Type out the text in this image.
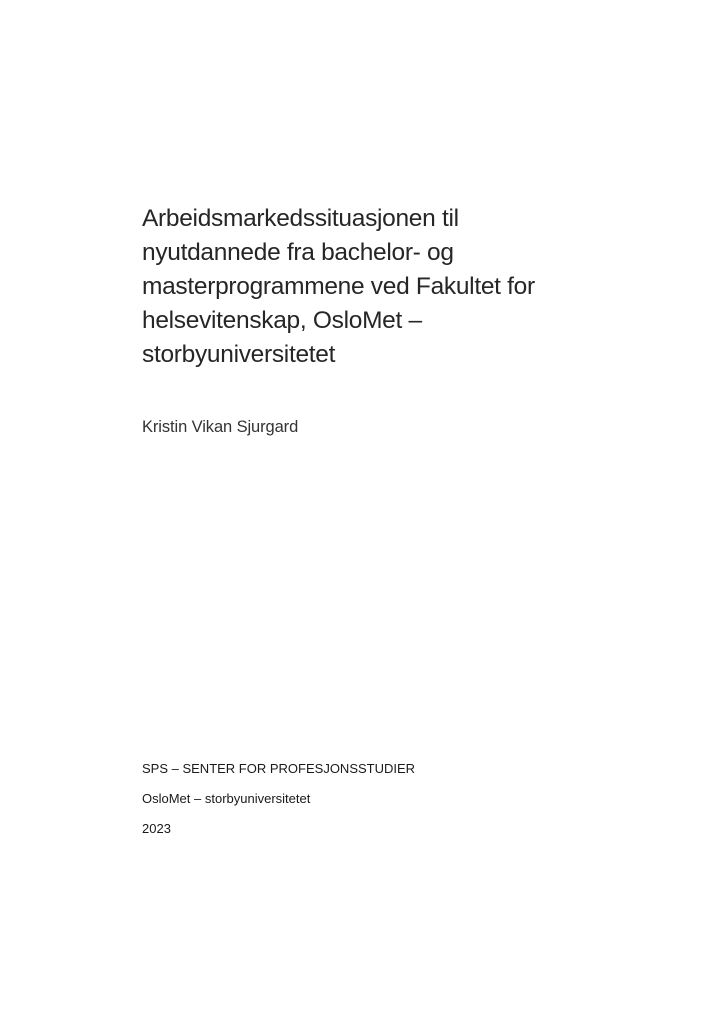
Arbeidsmarkedssituasjonen til
nyutdannede fra bachelor- og
masterprogrammene ved Fakultet for
helsevitenskap, OsloMet –
storbyuniversitetet

Kristin Vikan Sjurgard

SPS – SENTER FOR PROFESJONSSTUDIER

OsloMet – storbyuniversitetet

2023
